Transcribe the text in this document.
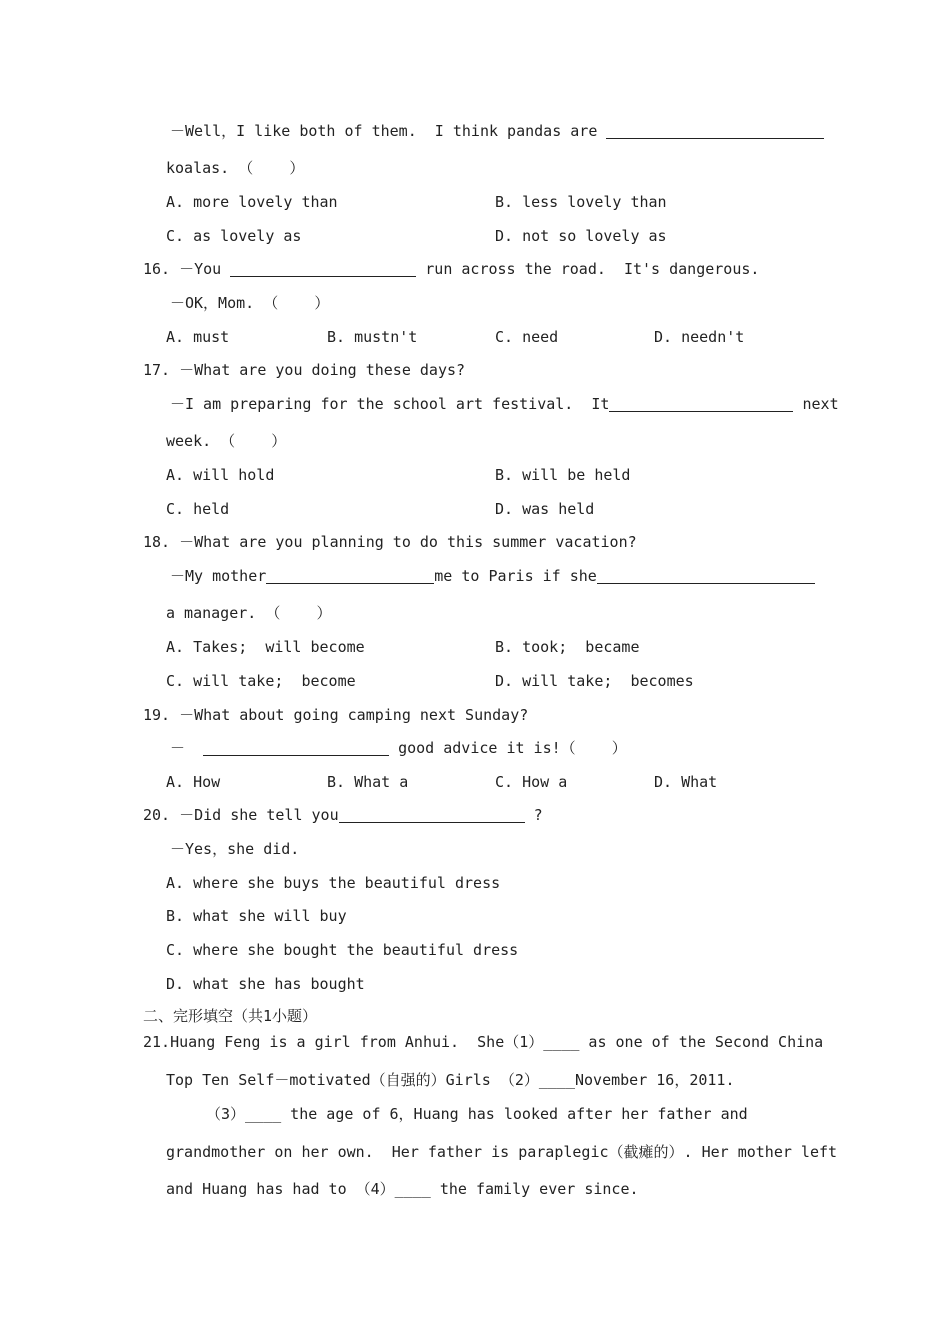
－Well，I like both of them.  I think pandas are
koalas. （    ）
A. more lovely than	B. less lovely than
C. as lovely as	D. not so lovely as
16. －You	run across the road.  It's dangerous.
－OK，Mom. （    ）
A. must	B. mustn't	C. need	D. needn't
17. －What are you doing these days?
－I am preparing for the school art festival.  It	next
week. （    ）
A. will hold	B. will be held
C. held	D. was held
18. －What are you planning to do this summer vacation?
－My mother	me to Paris if she
a manager. （    ）
A. Takes;  will become	B. took;  became
C. will take;  become	D. will take;  becomes
19. －What about going camping next Sunday?
－	good advice it is!（    ）
A. How	B. What a	C. How a	D. What
20. －Did she tell you	?
－Yes，she did.
A. where she buys the beautiful dress
B. what she will buy
C. where she bought the beautiful dress
D. what she has bought
二、完形填空（共1小题）
21.Huang Feng is a girl from Anhui.  She（1）____ as one of the Second China
Top Ten Self－motivated（自强的）Girls （2）____November 16，2011.
（3）____ the age of 6，Huang has looked after her father and
grandmother on her own.  Her father is paraplegic（截瘫的）. Her mother left
and Huang has had to （4）____ the family ever since.
